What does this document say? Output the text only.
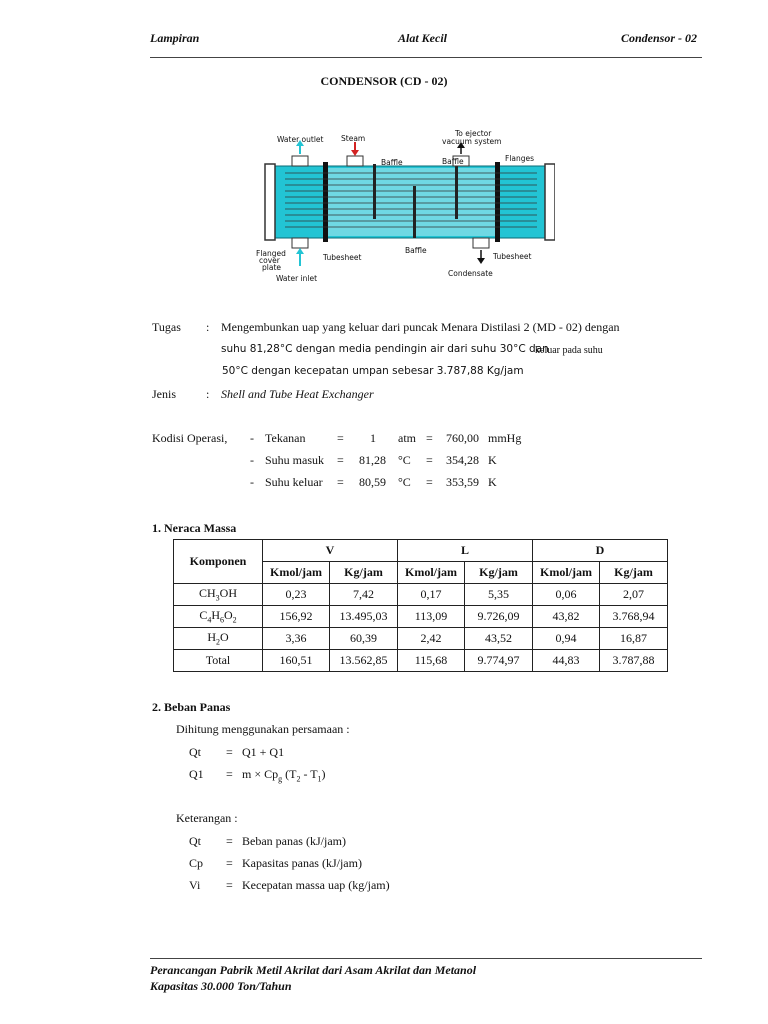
Lampiran	Alat Kecil	Condensor - 02
CONDENSOR (CD - 02)
Water outlet Steam
To ejector
vacuum system
Baffle	Baffle	Flanges
Baffle
Flanged
cover
plate
Tubesheet	Tubesheet
Condensate
Water inlet
Tugas : Mengembunkan uap yang keluar dari puncak Menara Distilasi 2 (MD - 02) dengan
suhu 81,28°C dengan media pendingin air dari suhu 30°C dan
keluar pada suhu
50°C dengan kecepatan umpan sebesar 3.787,88 Kg/jam
Jenis	: Shell and Tube Heat Exchanger
Kodisi Operasi, - Tekanan	= 1 atm = 760,00 mmHg
- Suhu masuk = 81,28 °C = 354,28 K
- Suhu keluar = 80,59 °C = 353,59 K
1. Neraca Massa
Komponen	V		L		D	
	Kmol/jam	Kg/jam	Kmol/jam	Kg/jam	Kmol/jam	Kg/jam
$CH_3OH$	0,23	7,42	0,17	5,35	0,06	2,07
$C_4H_6O_2$	156,92	13.495,03	113,09	9.726,09	43,82	3.768,94
$H_2O$	3,36	60,39	2,42	43,52	0,94	16,87
Total	160,51	13.562,85	115,68	9.774,97	44,83	3.787,88
2. Beban Panas
Dihitung menggunakan persamaan :
Qt = Q1 + Q1
$Q1 = m \times Cp_g$ $(T_2 - T_1)$
Keterangan :
Qt = Beban panas (kJ/jam)
Cp = Kapasitas panas (kJ/jam)
Vi = Kecepatan massa uap (kg/jam)
Perancangan Pabrik Metil Akrilat dari Asam Akrilat dan Metanol
Kapasitas 30.000 Ton/Tahun
